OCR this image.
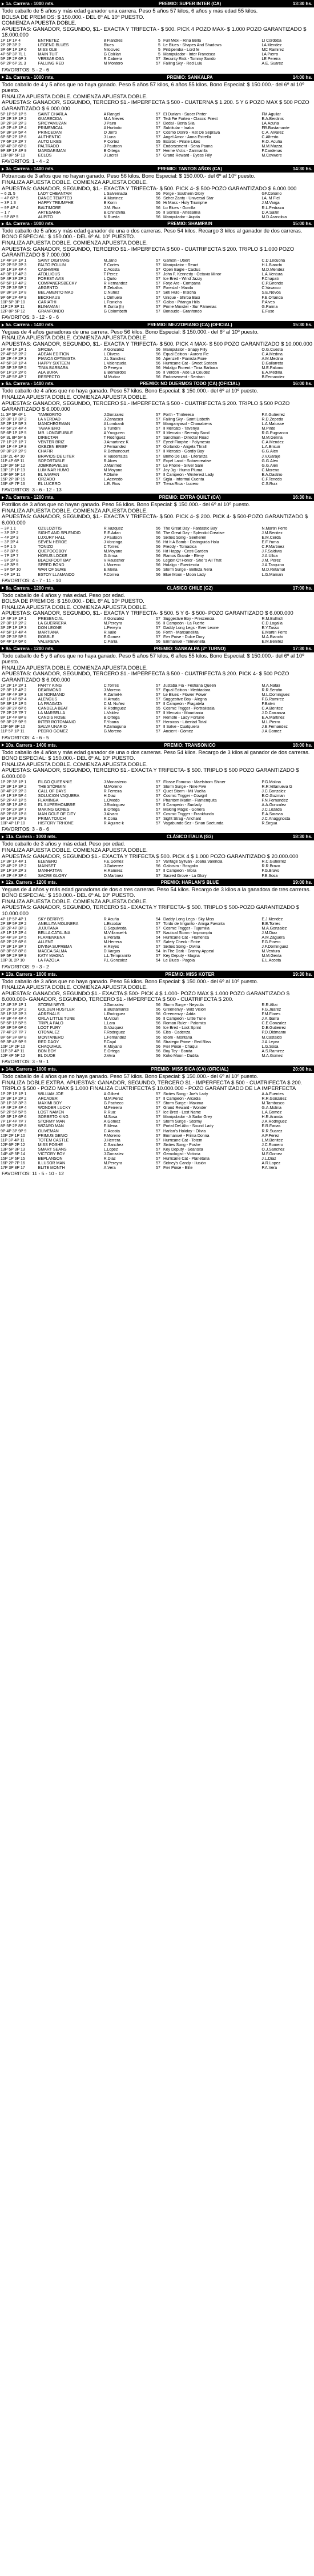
1a. Carrera - 1000 mts.	PREMIO: SUPER INTER (CA)	13:30 hs.
Todo caballo de 5 años y más edad ganador una carrera. Peso 5 años 57 kilos, 6 años y más edad 55 kilos.
BOLSA DE PREMIOS: $ 150.000.- DEL 6º AL 10º PUESTO.
COMIENZA APUESTA DOBLE.
APUESTAS: GANADOR, SEGUNDO, $1.- EXACTA Y TRIFECTA - $ 500. PICK 4 POZO MAX- $ 1.000 POZO GARANTIZADO $ 18.000.000
1P 1P 1P 4	ENTRETEZ	8 Flandres	5	Full Mexi - Rina Bella	LI Cordoba
2P 2P 3P 2	LEGEND BLUES	Blues	5	Le Blues - Shapes And Shadows	LA Mendez
3P 6P 1P 1P 6	MISS OLÉ	Nilocivec	5	Pirdipendia - Lord fe	MC Ramirez
4P 5P 3P 7L 1	MAIN TUIT	G Colillari	5	Manipulador - Inter Francisca	LA Pierro
5P 2P 2P 6P 3	VERSARIOSA	R Cabrera	57	Security Risk - Tommy Sando	LE Pereira
6P 2P 6P 2L 3	FALLING RED	M Montero	57	Falling Sky - Red Lulu	A.E. Suarez
FAVORITOS: 5 - 2 - 6
2a. Carrera - 1000 mts.	PREMIO: SANKALPA	14:00 hs.
Todo caballo de 4 y 5 años que no haya ganado. Peso 5 años 57 kilos, 6 años 55 kilos. Bono Especial: $ 150.000.- del 6º al 10º puesto.
FINALIZA APUESTA DOBLE. COMIENZA APUESTA DOBLE.
APUESTAS: GANADOR, SEGUNDO, TERCERO $1.- IMPERFECTA $ 500 - CUATERNA $ 1.200. 5 Y 6 POZO MAX $ 500 POZO GARANTIZADO $ 6.000.000
5P 1P 5P 1P 5	SAINT CHARLA	A Rangel	57	El Durlam - Suoer Pinter	FM Aguilar
2P 2P 3P 1P 2	GUARECIDA	M.A Nieves	57	Tedi Fie Fortea - Classic Priest	E.A.Berdinis
3P 2P 3P 2P 3	SPICYAMUZAN	J Pairo	57	Dedal - Berta Sila	LA.Acuña
4P 2P 4P 1P 4	PRIMEMICAL	A Hurtado	57	Subtitular - Inaba	FR.Bustamante
5P 3P 3P 5P 4	PRINCEDAN	O Jorro	57	Cosmo Donro - Rat De Seprava	C.A. Alvarez
6P 5P 2P 1P 6	AUTHENTIC	J Luna	57	Angel Amor - Anna Estrella	C.Alfredo
7P 6P 2P 2P 7	AUTO LIKES	P Cortez	55	Exorbit - Pirate Likes	R.O. Acuña
8P 4P 3P 6P 8	PALTRADO	J Pautoon	57	Endorsement - Sena Pauna	M.M.Mazza
9P 8P 1P 4P 9	MARGARIMÁN	B Ortega	57	Heime Victis - Zarimarilla	F.Cardenas
10P 8P 5P 10	ECLOS	J Lacrel	57	Grand Reward - Eyess Filly	M.Covwere
FAVORITOS: 1 - 4 - 2
3a. Carrera - 1400 mts.	PREMIO: TANTOS AÑOS (CA)	14:30 hs.
Potrancas de 3 años que no hayan ganado. Peso 56 kilos. Bono Especial: $ 150.000.- del 6º al 10º puesto.
FINALIZA APUESTA DOBLE. COMIENZA APUESTA DOBLE.
APUESTAS: GANADOR, SEGUNDO, $1.- EXACTA Y TRIFECTA- $ 500. PICK 4- $ 500-POZO GARANTIZADO $ 6.000.000
-- 6 2L 5	LADY CHEANTAM	L Salvernada	56	Forge - Southern Glory	GF.Colomo
-- 4P 6P 5	DANCE TEMPTED	A.Martinez	56	Seher Zanty - Universal Star	LA. M Fiel
-- 3P 1 3	HAPPY TRIUMPHE	B Korin	56	Hi Mass - Holy Triumphe	J.M.Varga
-- 9P 4P 4	BALTIMORE	J.M. Ruiz	56	Lo Blues - Gorrilla	R.L.Pedraza
-- 1 7	ARTESANIA	B.Chinchiña	56	Il Sorriso - Artesamia	D.A.Saltin
-- 5P 8P 5	AUPITO	N.Rueda	56	Manipulador - Aupita	M.D.Arancibia
4a. Carrera - 1000 mts.	PREMIO: SHAMPAIN	15:00 hs.
Todo caballo de 5 años y más edad ganador de una o dos carreras. Peso 54 kilos. Recargo 3 kilos al ganador de dos carreras.
BONO ESPECIAL: $ 150.000.- DEL 6º AL 10º PUESTO.
FINALIZA APUESTA DOBLE. COMIENZA APUESTA DOBLE.
APUESTAS: GANADOR, SEGUNDO, TERCERO $1.- IMPERFECTA $ 500 - CUATRIFECTA $ 200. TRIPLO $ 1.000 POZO GARANTIZADO $ 7.000.000
1P 4P 3P 1P 1	SAINT DIGITANS	M.Jano	57	Gamón - Ubert	C.D.Lecuona
2P 2P 5P 2P 3	FALTO POLLIN	F Cortes	57	Manipulator - React	H.L.Bianchi
3P 1P 3P 4P 4	CASHMIRE	C Acosta	57	Open Eagle - Cactus	M.D.Mendez
4P 3P 1P 4P 3	ATOLLIOUS	T Perez	57	John F. Kennedy - Octavia Minor	L.A.Ventura
5P 4P 3P 2P 2	FOREST AVIS	L Quito	57	Ice Bred - Wind Jazzy	F.Chapati
6P 5P 1P 4P 2	COMPAÑERSBECKY	R Hernandez	57	Forje Are - Compana	C.P.Girondo
7P 2P 3P 5P 7	ARGENTO	E Zeballos	57	Forestal - Manila	C.Vavasco
8P 3P 3P 1P 8	BEL AMENTO MAD	C.Nuñez	57	Seti Hulo - Insidha	S.E.Novoa
9P 6P 2P 4P 9	BECKHAUS	L Orihuela	57	Unique - Shirba Basi	F.E.Orlanda
10P 5P 3P 10	CARIATHI	L Fisnicha	57	Galbo - Pitanga Hills	P.Alves
11P 2P 3P 11	BLINAMANI	R Zurita (h)	57	Prime Minister - Sur Pâmenas	G.Parma
12P 8P 5P 12	GRANFONDO	G Colombetti	57	Bonaudo - Granfondo	E.Fuse
FAVORITOS: 3 - 12 - 9 - 6
5a. Carrera - 1400 mts.	PREMIO: MEZZOPIANO (CA) (OFICIAL)	15:30 hs.
Yeguas de 4 años ganadoras de una carrera. Peso 56 kilos. Bono Especial: $ 150.000.- del 6º al 10º puesto.
FINALIZA APUESTA DOBLE. COMIENZA APUESTA DOBLE.
APUESTAS: GANADOR, SEGUNDO, $1.- EXACTA Y TRIFECTA- $ 500. PICK 4 MAX- $ 500 POZO GARANTIZADO $ 10.000.000
1P 4P 1P 1P 1	SPICEA	A Gonzalez	56	Manipulator - Snapy Filly	O.G.Cuesta
2P 4P 5P 2P 2	ADEAN EDITION	L Olivera	56	Equal Edition - Aurora Fie	C.A.Medina
3P 2P 4P 2P 3	PIANOA OPTIMISTA	J.L Sanchez	56	Apenzell - Pianista Fiore	A.M.Medina
4P 5P 3P 1P 4	HAPPY SIXTEEN	L Valenzuela	56	Hurricane Cat - Sweet Sixteen	D.Gallarreta
5P 3P 3P 5P 5	TINIA BARBARA	O Pereyra	56	Hidalgo Fiorent - Tinia Bárbara	M.E.Palomo
6P 1P 2P 2P 6	ALA BURA	E Bernardos	56	Il Verdon - Ade La Coudez	E.A.Medina
7P 4P 5P 4P 7	RESPECTO	M Muñoz	56	Endorsement - Sentran	B.Fernandez
6a. Carrera - 1400 mts.	PREMIO: NO DUERMOS TODO (CA) (OFICIAL)	16:00 hs.
Todo caballo de 4 años que no haya ganado. Peso 57 kilos. Bono Especial: $ 150.000.- del 6º al 10º puesto.
FINALIZA APUESTA DOBLE. COMIENZA APUESTA DOBLE.
APUESTAS: GANADOR, SEGUNDO, TERCERO $1.- IMPERFECTA $ 500 - CUATRIFECTA $ 200. TRIPLO $ 500 POZO GARANTIZADO $ 6.000.000
1L 3P 5P 4P 1	TAMBORITO	J.Gonzalez	57	Forth - Thrileresa	F.A.Gutierrez
2P 3P 1P 3P 2	LA VERDAD	J.Zanacasi	57	Falling Sky - Saint Lisbeth	R.D.Zepeda
3P 2P 1P 5P 3	MANCHEGEMAN	A Lombardi	57	Manganyasol - Chanabiens	L.A.Matusse
4P 5P 2P 4P 4	TAVARIERO	S Tundini	57	Il Mercato - Tavenya	M.Pinte
5P 6P 1P 1P 5	MR. LONGIFUBILE	A Ynoguren	57	Il Mercato - Serenity Sand	R.G.Pugnanco
6P 3L 8P 5P 6	DIRECTAR	T Rodriguez	57	Sandman - Directar Road	M.M.Genna
7P 1P 2P 1P 7	VENTER BRIZ	J.Amartinez K	57	Eyeof Florphe - Polymesia	C.A.Mendez
8P 1P 4P 1P 8	OKEZEN BRIEF	J Fernandez	57	Gorlando - Angela Thrall	L.A.Brisuri
9P 3P 2P 2P 9	CHAFIR	R.Bethancourt	57	Il Mercato - Gordly Bay	G.G.Alen
10P 2L 4P 10	BRAVIOS DE LITER	R Valderraiza	57	Brilho De Lua - Literariza	J.V.Garaje
11P 4P 6P 11	SOPORTABLE	R Alves	57	Expel Land - Sobrecreative	G.G.Alen
12P 3P 6P 12	JOBRINAVELSE	J.Manfred	57	Le Phone - Silver Sale	G.G.Alen
13P 1P 1P 13	LUMINAR HUMO	M Moyano	57	Joy Jig - Humo Pluma	C.Moreno
14P 6P 5P 14	EL WIAFAN	F.Olarte	57	Il Campeón - Winterest Lady	E.A.Dastilio
15P 2P 8P 15	ORZADO	L.Acevedo	57	Sigla - Informal Cuenta	C.F.Tenedo
16P 4P 7P 16	EL LUCERO	L.R. Rios	57	Tierra Rica - Lucero	C.S.Ruiz
FAVORITOS: 3 - 6 - 12 - 13
7a. Carrera - 1200 mts.	PREMIO: EXTRA QUILT (CA)	16:30 hs.
Potrillos de 3 años que no hayan ganado. Peso 56 kilos. Bono Especial: $ 150.000.- del 6º al 10º puesto.
FINALIZA APUESTA DOBLE. COMIENZA APUESTA DOBLE.
APUESTAS: GANADOR, SEGUNDO, $1.- EXACTA Y TRIFECTA- $ 500. PICK 4- $ 200. PICK 4- $ 500-POZO GARANTIZADO $ 6.000.000
-- 3P 1 1	OZULOZITIS	R.Vazquez	56	The Great Day - Fantastic Bay	N.Martin Ferro
-- 3P 2P 2	SIGHT AND SPLENDID	E.E.Adan	56	The Great Day - Splendid Creative	J.M.Benitez
-- 4P 2P 3	LUXURY HALL	J Pautoon	56	Sixties Song - Seeheren	E.M.Cerdá
-- 3P 2P 4	SEVEN HEROE	J Vorzinga	56	Hit It A Bomb - Distinguida Hola	E.F.Yuma
-- 5P 1 5	TONIZO	C Torres	56	Freddy - Tornadica	C.P.Martinez
-- 6P 3P 6	QUEPOCOBOY	M.Moyano	56	Hit Happy - Cristi Garden	J.F.Saldivia
-- 7P 1P 7	HORUS LOCKE	G Arrua	56	Ramos Grande - Eleny	J.A.Ulloa
-- 8P 2P 8	BLACKFOOT BAY	V Rauscher	56	Legion Of Honor - She 's All That	J.M. Perez
-- 4P 3P 9	SPEED BOND	L Moreno	56	Hidalgo - Fuentecita	J.A.Tarquino
-- 9P 5P 10	WAR OF SURE	E.Mena	56	Storm Surge - Belleza Nera	M.D.Retamal
-- 6P 1P 11	ESTOY LLAMANDO	F.Correa	56	Blue Moon - Moon Lady	L.G.Mamani
FAVORITOS: 4 - 7 - 11 - 10
8a. Carrera - 1200 mts.	CLÁSICO CHILE (G2)	17:00 hs.
Todo caballo de 4 años y más edad. Peso por edad.
BOLSA DE PREMIOS: $ 150.000.- DEL 6º AL 10º PUESTO.
FINALIZA APUESTA DOBLE. COMIENZA APUESTA DOBLE.
APUESTAS: GANADOR, SEGUNDO, $1.- EXACTA Y TRIFECTA- $ 500. 5 Y 6- $ 500- POZO GARANTIZADO $ 6.000.000
1P 4P 3P 1P 1	PRESENCIAL	A Gonzalez	57	Suggestive Boy - Prescencia	R.M.Bullrich
2P 3P 1P 2P 2	LA GUERRERA	M.Pereyra	56	Il Campeón - La Fuerte	C.D.Lagalla
3P 2P 1P 1P 3	DON LEONE	L.Pereyra	57	Daddy Long Legs - Ever Leone	E.Y.Tasso
4P 5P 1P 4P 4	MARTIANA	R.Valle	56	Forth - Marcianellita	E.Martin Ferro
5P 2P 3P 5P 5	ROBBLE	E.Gomez	57	Fier Poise - Dulce Dory	M.A.Bianchi
6P 4P 1P 6P 6	VALERENA	C.Parra	56	Emmanuel - Televeneta	E.M.Benitez
9a. Carrera - 1200 mts.	PREMIO: SANKALPA (2º TURNO)	17:30 hs.
Todo caballo de 5 y 6 años que no haya ganado. Peso 5 años 57 kilos, 6 años 55 kilos. Bono Especial: $ 150.000.- del 6º al 10º puesto.
FINALIZA APUESTA DOBLE. COMIENZA APUESTA DOBLE.
APUESTAS: GANADOR, SEGUNDO, TERCERO $1.- IMPERFECTA $ 500 - CUATRIFECTA $ 200. PICK 4- $ 500 POZO GARANTIZADO $ 6.000.000
1P 2P 1P 2P 1	PARTY KING	C.Torres	57	Justaba Fia - Festiana Queen	M.A.Natali
2P 3P 1P 4P 2	DEARMOND	J.Moreno	57	Equal Edition - Meditadora	R.R.Serafin
3P 4P 4P 3P 3	LE NORMAND	R.Zarriel-k	57	Le Blues - Flower Power	M.L.Dominguez
4P 1P 4P 5P 4	ALENGUS	H.Arruda	57	Suggestive Boy - Alegria	F.G.Ramirez
5P 3P 1P 1P 5	LA FRAGATA	C.M. Nuñez	57	Il Campeón - Fragatela	F.Baleri
6P 3P 2P 6P 6	CANDELA BEAT	R.Rodriguez	55	Cosmic Trigger - Portrailisala	C.A.Benitez
7P 2P 2P 7P 7	LA MARSELLA	L.Valdez	57	Il Mercato - Mauritania	J.D.Carranza
8P 1P 4P 8P 8	CANDIS ROSE	B.Ortega	57	Remote - Lady Fortune	E.A.Martinez
9P 3P 2P 9P 9	INTER ROTOMANIO	F.Ybarra	57	Heroicos - Libertad Total	M.L.Pierro
10P 6P 3P 10	SALVA UNARIO	F.Zamaguna	57	Il Salve - Cualquiera	J.E.Fernandez
11P 5P 1P 11	PEDRO GOMEZ	G.Moreno	57	Ancient - Gómez	J.A.Gomez
FAVORITOS: 4 - 6 - 5
10a. Carrera - 1400 mts.	PREMIO: TRANSONICO	18:00 hs.
Todo caballo de 4 años y más edad ganador de una o dos carreras. Peso 54 kilos. Recargo de 3 kilos al ganador de dos carreras.
BONO ESPECIAL: $ 150.000.- DEL 6º AL 10º PUESTO.
FINALIZA APUESTA DOBLE. COMIENZA APUESTA DOBLE.
APUESTAS: GANADOR, SEGUNDO, TERCERO $1.- EXACTA Y TRIFECTA- $ 500. TRIPLO $ 500 POZO GARANTIZADO $ 6.000.000
1P 2P 3P 1P 1	FILGO QUEENNIE	J.Monasterio	57	Flosse Fomoso - Maelstrom Shiner	P.G.Molina
2P 3P 1P 3P 2	THE STORMIN	M.Moreno	57	Storm Surge - Nine Five	R.R.Villanueva G
3P 4P 2P 2P 3	CALL OF DAYS	R.Ferreira	57	Quiet Storm - Mil Vuelta	J.C.Gonzalez
4P 1P 3P 5P 4	SOLUCION VAQUERA	H.Diaz	57	Cosmic Trigger - Cowgirl	E.O.Guzman
5P 2P 4P 1P 5	FLAMINGA	L.Oviedo	57	Phantom Marlin - Flamenquita	F.N.Fernandez
6P 3P 1P 4P 6	EL SUPERHOMBRE	J.Rodriguez	57	Il Campeón - Sunlady	A.A.Gonzalez
7P 5P 2P 3P 7	MAKING GONES	B.Ortega	57	Making Magic - Gonera	J.C.Lozada
8P 2P 6P 1P 8	MAN GOLF OF CITY	J.Alvaro	57	Cosmic Trigger - Frankfunda	E.A.Saravia
9P 1P 3P 2P 9	PRIMA TOUCH	R.Coria	57	Sight Strag - Anchant	J.C.Anaggnosta
10P 4P 1P 10	HISTORY TRHONE	R.Aguirre-k	57	Vagabundo Sez - Sinan Saetunda	R.Sirgua
FAVORITOS: 3 - 8 - 6
11a. Carrera - 1000 mts.	CLÁSICO ITALIA (G3)	18:30 hs.
Todo caballo de 3 años y más edad. Peso por edad.
FINALIZA APUESTA DOBLE. COMIENZA APUESTA DOBLE.
APUESTAS: GANADOR, SEGUNDO $1.- EXACTA Y TRIFECTA $ 500. PICK 4 $ 1.000 POZO GARANTIZADO $ 20.000.000
1P 3P 1P 4P 1	ELENERO	F.E.Gomez	57	Vantage Syllvan - Joana Valencia	R.C.Gutierrez
2P 4P 2P 1P 2	MAINSET	J.Gutierrez	56	Galoisim - Rosgalia	R.R.Bravo
3P 1P 3P 2P 3	MANHATTAN	H.Ramirez	57	Il Campeón - Mora	F.G.Bravo
4P 2P 4P 3P 4	SACRE GLORY	O.Martinez	57	Sacred Grove - La Glory	F.E.Sosa
12a. Carrera - 1200 mts.	PREMIO: HARLAN'S BLUE	19:00 hs.
Yeguas de 4 años y más edad ganadoras de dos o tres carreras. Peso 54 kilos. Recargo de 3 kilos a la ganadora de tres carreras.
BONO ESPECIAL: $ 150.000.- DEL 6º AL 10º PUESTO.
FINALIZA APUESTA DOBLE. COMIENZA APUESTA DOBLE.
APUESTAS: GANADOR, SEGUNDO, TERCERO $1.- EXACTA Y TRIFECTA- $ 500. TRIPLO $ 500-POZO GARANTIZADO $ 10.000.000
4P 1P 5P 4P 1	SKY BERRYS	R.Acuña	54	Daddy Long Legs - Sky Miss	E.J.Mendez
2P 3P 5P 2P 2	ANELLITA MOLINERA	L.Escobar	57	Tordo de Irrigarito - Amiga Favorita	E.E.Torres
3P 2P 4P 3P 3	JUJUTANA	C.Sepulveda	57	Cosmic Trigger - Tujumilla	M.A.Gonzalez
4P 1P 1P 2P 4	BELLA CATALINA	M.Villarroel-k	57	Nautical Storm - Impromptu	J.M.Diaz
5P 4P 3P 1P 5	FLAMENKEÑA	E.Peralta	54	Hurricane Cat - Flamenca	A.M.Zaguera
6P 2P 2P 6P 6	ALLENT	M.Herrera	57	Safety Check - Entre	F.G.Pinero
7P 3P 1P 3P 7	DIVINA SUPREMA	H.Reyes	57	Sixties Song - Divina	J.F.Dominguez
8P 3P 6P 8P 8	MACCA SALMA	D.Vargas	54	In The Dark - Granny Appeal	M.Ventura
9P 5P 2P 9P 9	KATY MAGNA	L.L.Tempranillo	57	Key Deputy - Magna	M.M.Genta
10P 3L 2P 10	LA PAZOLA	P.L.Gonzalez	54	Le Blues - Pagola	E.L.Acosta
FAVORITOS: 9 - 3 - 2
13a. Carrera - 1000 mts.	PREMIO: MISS KOTER	19:30 hs.
Todo caballo de 3 años que no haya ganado. Peso 56 kilos. Bono Especial: $ 150.000.- del 6º al 10º puesto.
FINALIZA APUESTA DOBLE. COMIENZA APUESTA DOBLE.
APUESTAS: GANADOR, SEGUNDO $1.- EXACTA $ 500- PICK 4 $ 1.000- POZO MAX $ 1.000 POZO GARANTIZADO $ 8.000.000- GANADOR, SEGUNDO, TERCERO $1.- IMPERFECTA $ 500 - CUATRIFECTA $ 200.
1P 4P 3P 1P 1	STORM NEYS	J.Gonzalez	56	Storm Surge - Neysula	R.R.Altai
2P 2P 1P 2P 2	GOLDEN HUSTLER	B.Bustamante	56	Greenenvy - Wild Vision	F.G.Juarez
3P 1P 3P 2P 3	ADRENALS	L.Rodriguez	56	Greenenvy - Adda	F.M.Flores
4P 3P 4P 4P 4	ORLA LITTLE TUNE	M.Arcuri	56	Il Campeón - Little Tune	J.A.Ibarra
5P 5P 1P 5P 5	TRIPLA PALO	L.Lara	56	Roman Ruler - Palomita	C.E.Gonzalez
6P 3P 5P 6P 6	LOOT FURY	G.Vazquez	56	Ice Bred - Loot Sprint	D.E.Gutierrez
7P 4P 2P 7P 7	OTOÑALEZ	F.Rodriguez	56	Eltis - Cadenza	P.D.Oldmanni
8P 6P 3P 8P 8	MONTANERO	L.Fernandez	56	Idiom - Montana	M.Castaldo
9P 3P 4P 9P 9	RED DAOY	F.Cajal	56	Strategic Prime - Red Bliss	J.A.Leyva
10P 1P 2P 10	CHAQUIHUL	R.Moyano	56	Fier Poise - Chaqui	L.G.Sosa
11P 3P 4P 11	BON BOY	E.Ortega	56	Boy Toy - Bonita	A.S.Ramirez
12P 4P 5P 12	EL DUDE	J.Vera	56	Koko Moon - Dudita	M.A.Gomez
FAVORITOS: 3 - 9 - 1
14a. Carrera - 1000 mts.	PREMIO: MISS SICA (CA) (OFICIAL)	20:00 hs.
Todo caballo de 4 años que no haya ganado. Peso 57 kilos. Bono Especial: $ 150.000.- del 6º al 10º puesto.
FINALIZA DOBLE EXTRA. APUESTAS: GANADOR, SEGUNDO, TERCERO $1.- IMPERFECTA $ 500 - CUATRIFECTA $ 200. TRIPLO $ 500 - POZO MAX $ 1.000 FINALIZA CUATRIFECTA $ 10.000.000 - POZO GARANTIZADO DE LA IMPERFECTA
1P 2P 1P 1P 1	WILLIAM JOE	A.Gilbert	57	Sixties Song - Joe's Lady	A.A.Fuentes
2P 3P 1P 2P 2	ARCADER	M.M.Perez	57	Il Campeón - Arcadia	R.R.Gonzalez
3P 1P 3P 3P 3	MAXIMI BOY	G.Pacheco	57	Storm Surge - Maxima	M.Tambasco
4P 4P 2P 4P 4	WONDER LUCKY	M.Ferreira	57	Grand Reward - Wonder	G.A.Molina
5P 2P 5P 5P 5	LOST NAMEN	R.Ruiz	57	Ice Bred - Lost Name	L.A.Gomez
6P 3P 1P 6P 6	SORBETO KING	M.Sosa	57	Manipulador - A Sailor Grey	H.R.Aranda
7P 1P 4P 7P 7	STORMY MAN	A.Gomez	57	Storm Surge - Stormy	J.A.Rodriguez
8P 5P 2P 8P 8	WIZARD MAN	E.Mena	57	Portal Del Alto - Sound Lady	E.R.Farias
9P 4P 3P 9P 9	OLIVEMAN	C.Acosta	57	Harlan's Holiday - Olivia	R.R.Suarez
10P 2P 1P 10	PRIMUS GENIO	F.Moreno	57	Emmanuel - Prima Donna	A.F.Perez
11P 3P 4P 11	TOTEM CASTLE	J.Herrera	57	Hurricane Cat - Totem	L.M.Benitez
12P 6P 2P 12	MISS POSHE	C.Sanchez	57	Sixties Song - Poshe	J.C.Romero
13P 5P 3P 13	SMART SEANS	L.Lopez	57	Key Deputy - Seansita	O.J.Sanchez
14P 4P 5P 14	VICTORY BOY	J.Gonzalez	57	Gemologist - Victoria	M.F.Gomez
15P 1P 6P 15	BEPLANSON	R.Diaz	57	Hurricane Cat - Planetaria	J.L.Diaz
16P 2P 7P 16	ILLUSOR MAN	M.Pereyra	57	Sidney's Candy - Ilusión	A.R.Lopez
17P 3P 8P 17	ELITE MONTH	A.Vera	57	Fier Poise - Elite	P.A.Vera
FAVORITOS: 11 - 5 - 10 - 12
